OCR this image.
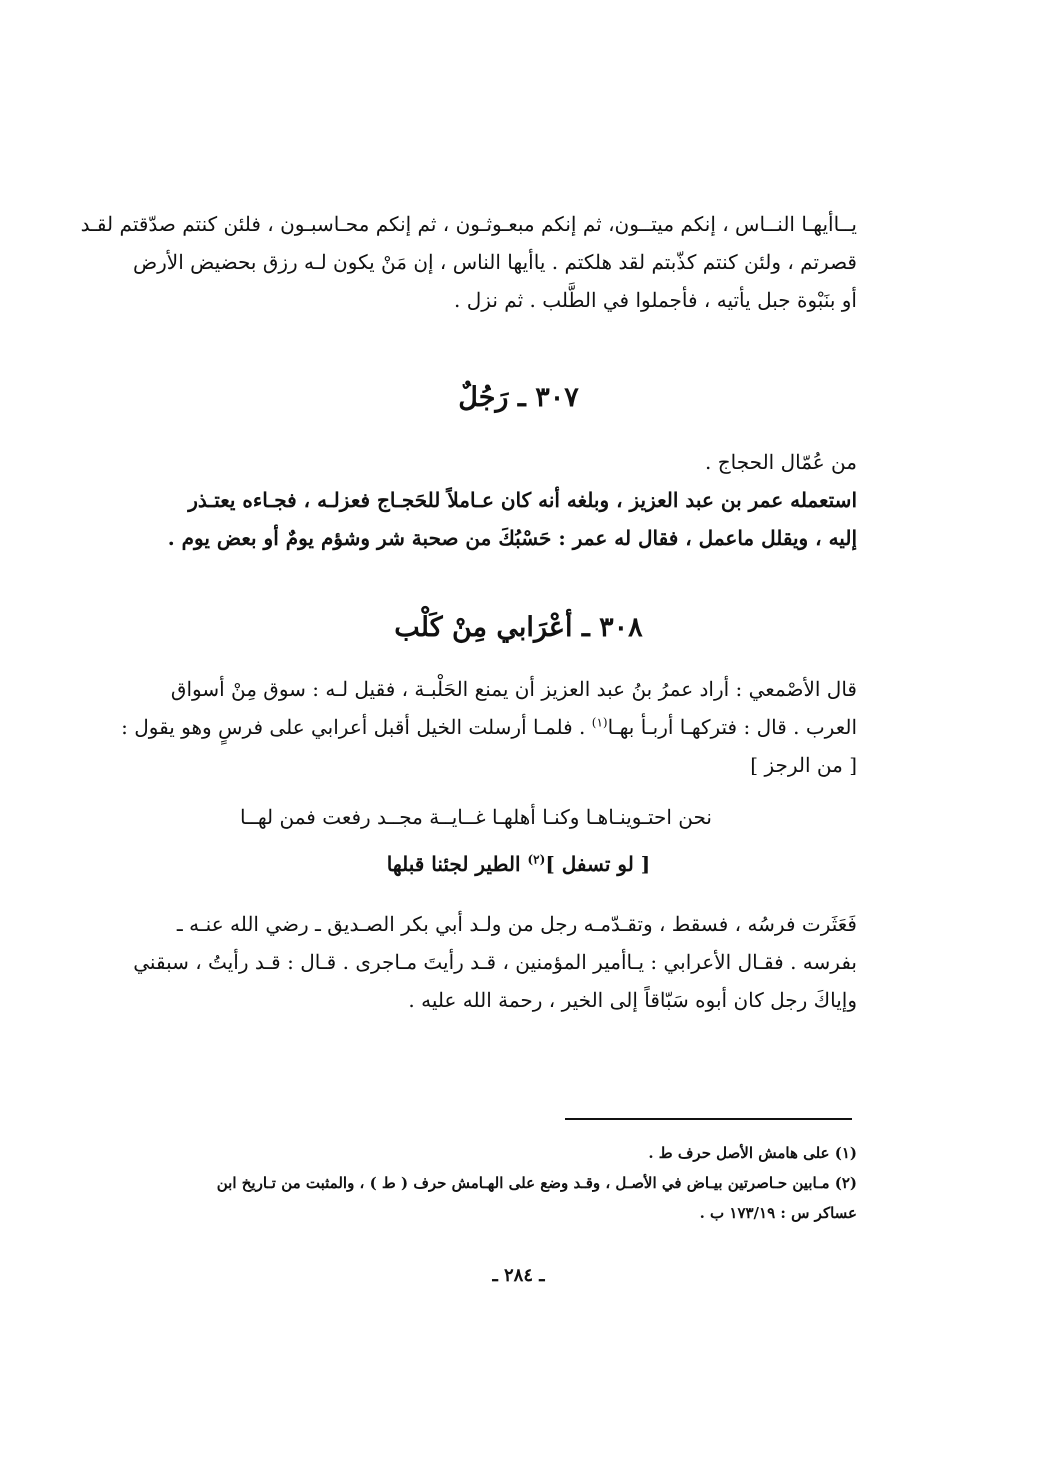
يــاأيهـا النــاس ، إنكم ميتــون، ثم إنكم مبعـوثـون ، ثم إنكم محـاسبـون ، فلئن كنتم صدّقتم لقـد
قصرتم ، ولئن كنتم كذّبتم لقد هلكتم . ياأيها الناس ، إن مَنْ يكون لـه رزق بحضيض الأرض
أو بنَبْوة جبل يأتيه ، فأجملوا في الطَّلب . ثم نزل .
٣٠٧ ـ رَجُلٌ
من عُمّال الحجاج .
استعمله عمر بن عبد العزيز ، وبلغه أنه كان عـاملاً للحَجـاج فعزلـه ، فجـاءه يعتـذر
إليه ، ويقلل ماعمل ، فقال له عمر : حَسْبُكَ من صحبة شر وشؤم يومٌ أو بعض يوم .
٣٠٨ ـ أعْرَابي مِنْ كَلْب
قال الأصْمعي : أراد عمرُ بنُ عبد العزيز أن يمنع الحَلْبـة ، فقيل لـه : سوق مِنْ أسواق
العرب . قال : فتركهـا أربـأ بهـا$^{(١)}$ . فلمـا أرسلت الخيل أقبل أعرابي على فرسٍ وهو يقول :
[ من الرجز ]
نحن احتـوينـاهـا وكنـا أهلهـا
غــايــة مجــد رفعت فمن لهــا
[ لو تسفل ]$^{(٢)}$ الطير لجئنا قبلها
فَعَثَرت فرسُه ، فسقط ، وتقـدّمـه رجل من ولـد أبي بكر الصـديق ـ رضي الله عنـه ـ
بفرسه . فقـال الأعرابي : يـاأمير المؤمنين ، قـد رأيتَ مـاجرى . قـال : قـد رأيتُ ، سبقني
وإياكَ رجل كان أبوه سَبّاقاً إلى الخير ، رحمة الله عليه .
(١) على هامش الأصل حرف ط .
(٢) مـابين حـاصرتين بيـاض في الأصـل ، وقـد وضع على الهـامش حرف ( ط ) ، والمثبت من تـاريخ ابن
عساكر س : ١٧٣/١٩ ب .
ـ ٢٨٤ ـ
